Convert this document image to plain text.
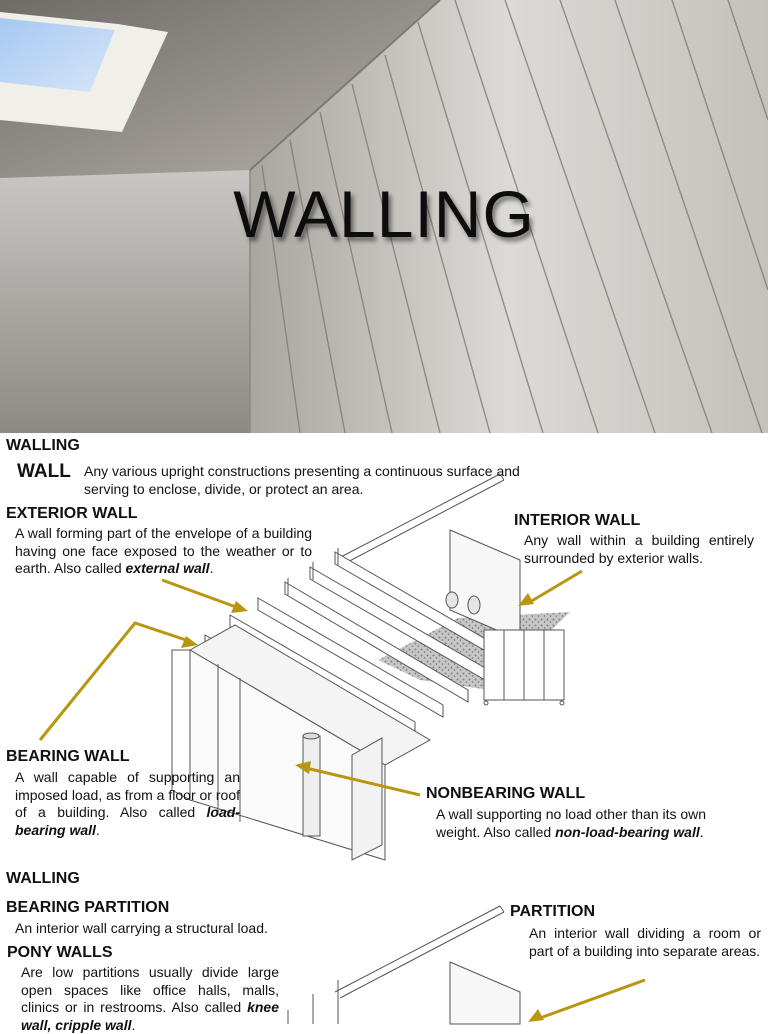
WALLING
WALLING
WALL Any various upright constructions presenting a continuous surface and serving to enclose, divide, or protect an area.
EXTERIOR WALL
A wall forming part of the envelope of a building having one face exposed to the weather or to earth. Also called external wall.
INTERIOR WALL
Any wall within a building entirely surrounded by exterior walls.
BEARING WALL
A wall capable of supporting an imposed load, as from a floor or roof of a building. Also called load-bearing wall.
NONBEARING WALL
A wall supporting no load other than its own weight. Also called non-load-bearing wall.
WALLING
BEARING PARTITION
An interior wall carrying a structural load.
PONY WALLS
Are low partitions usually divide large open spaces like office halls, malls, clinics or in restrooms. Also called knee wall, cripple wall.
PARTITION
An interior wall dividing a room or part of a building into separate areas.
